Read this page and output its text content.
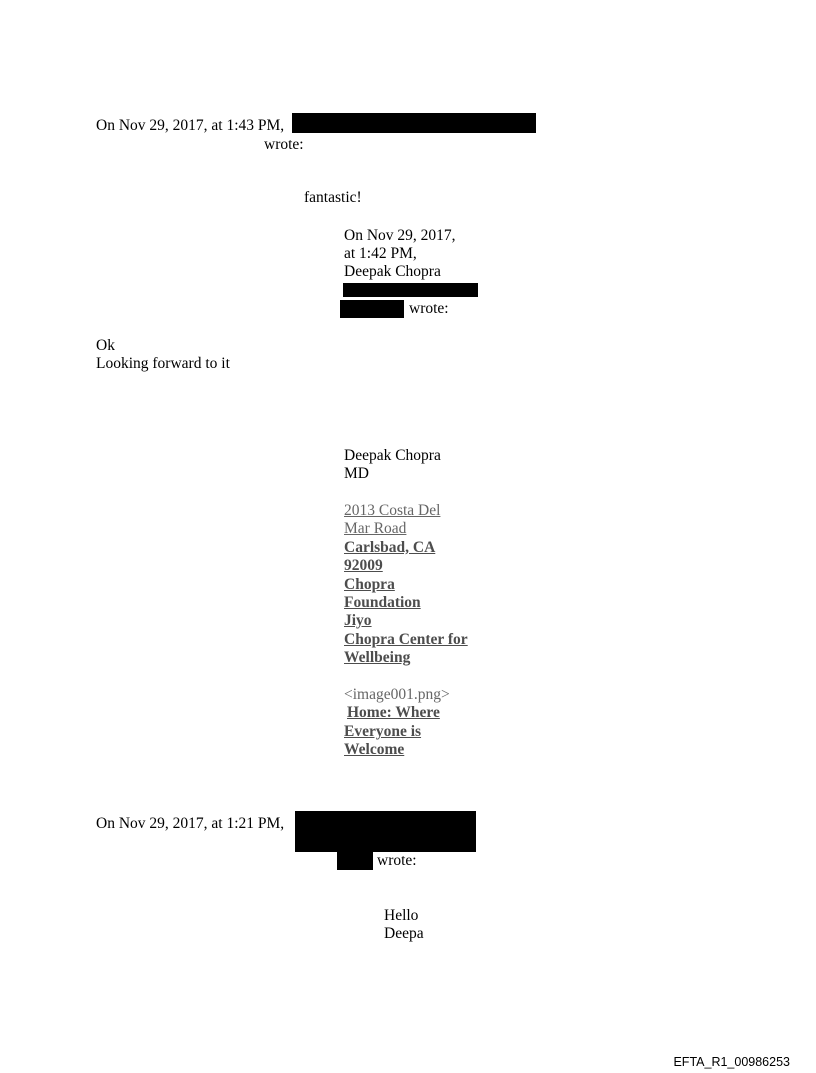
On Nov 29, 2017, at 1:43 PM,

wrote:

fantastic!

On Nov 29, 2017,

at 1:42 PM,

Deepak Chopra

wrote:

Ok

Looking forward to it

Deepak Chopra

MD

2013 Costa Del

Mar Road

Carlsbad, CA

92009

Chopra

Foundation

Jiyo

Chopra Center for

Wellbeing

<image001.png>

Home: Where

Everyone is

Welcome

On Nov 29, 2017, at 1:21 PM,

wrote:

Hello

Deepa

EFTA_R1_00986253
